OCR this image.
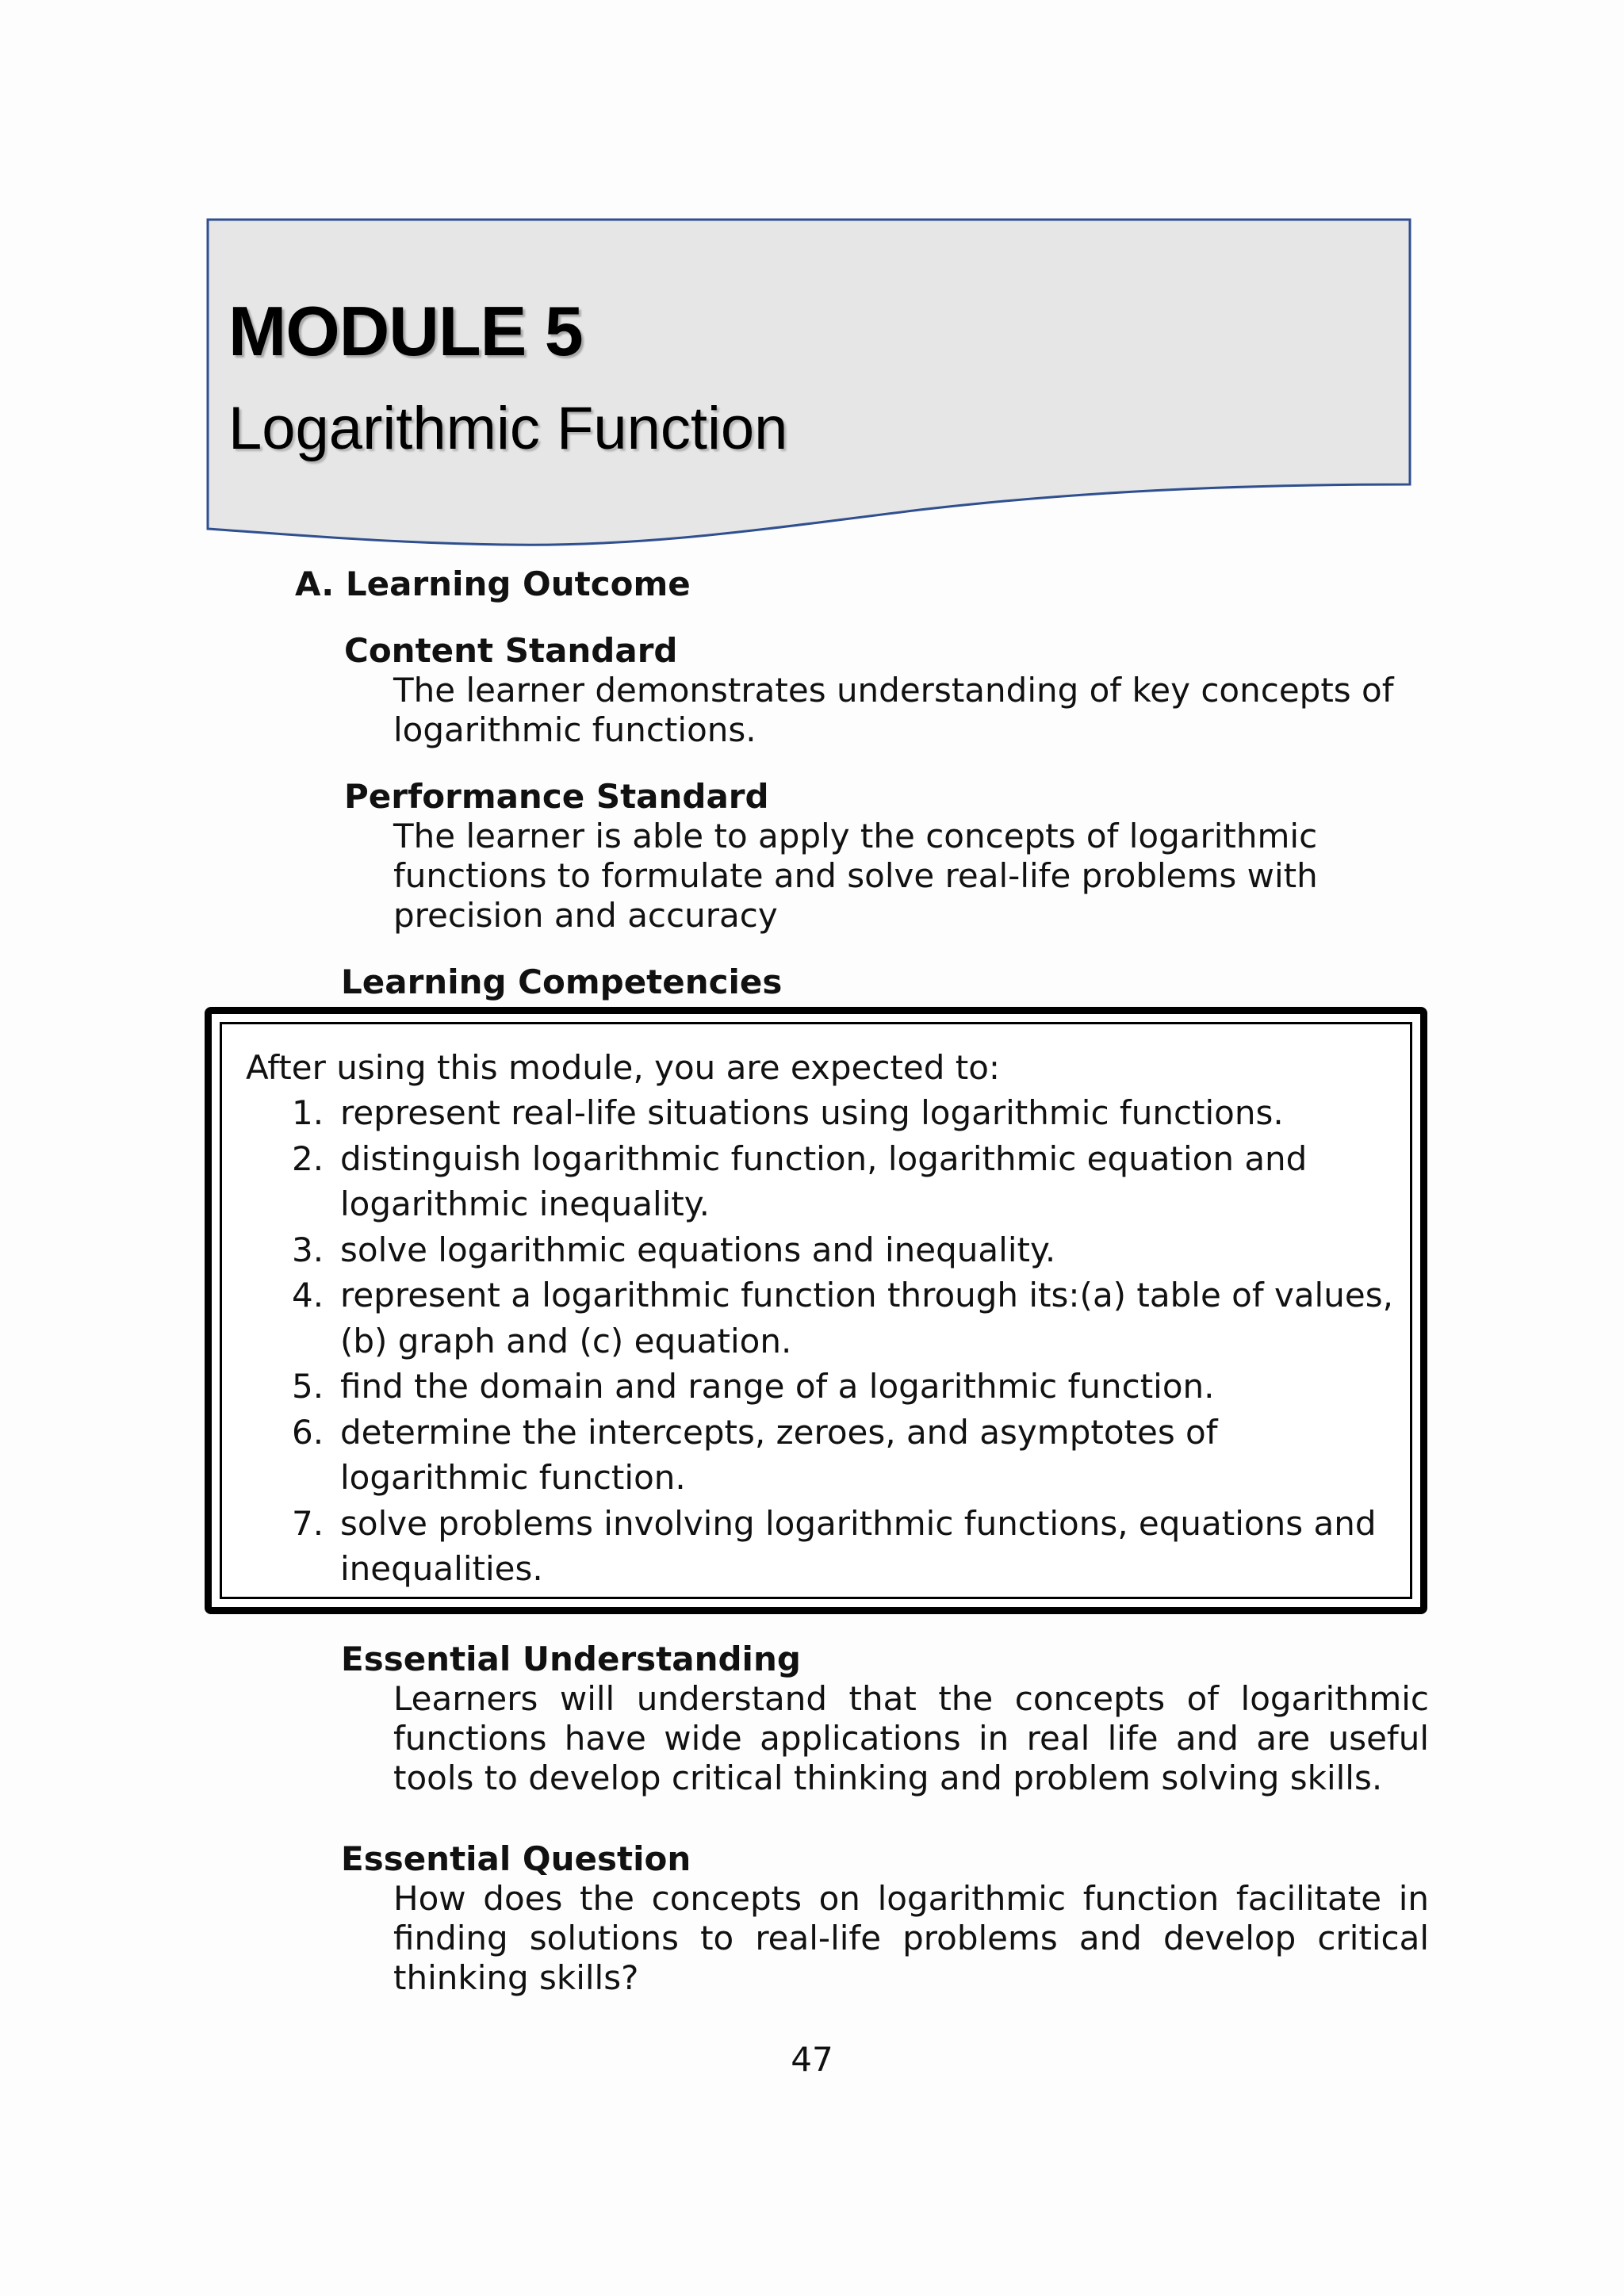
MODULE 5
Logarithmic Function
A. Learning Outcome
Content Standard
The learner demonstrates understanding of key concepts of logarithmic functions.
Performance Standard
The learner is able to apply the concepts of logarithmic functions to formulate and solve real-life problems with precision and accuracy
Learning Competencies
After using this module, you are expected to:
1. represent real-life situations using logarithmic functions.
2. distinguish logarithmic function, logarithmic equation and logarithmic inequality.
3. solve logarithmic equations and inequality.
4. represent a logarithmic function through its:(a) table of values, (b) graph and (c) equation.
5. find the domain and range of a logarithmic function.
6. determine the intercepts, zeroes, and asymptotes of logarithmic function.
7. solve problems involving logarithmic functions, equations and inequalities.
Essential Understanding
Learners will understand that the concepts of logarithmic functions have wide applications in real life and are useful tools to develop critical thinking and problem solving skills.
Essential Question
How does the concepts on logarithmic function facilitate in finding solutions to real-life problems and develop critical thinking skills?
47
